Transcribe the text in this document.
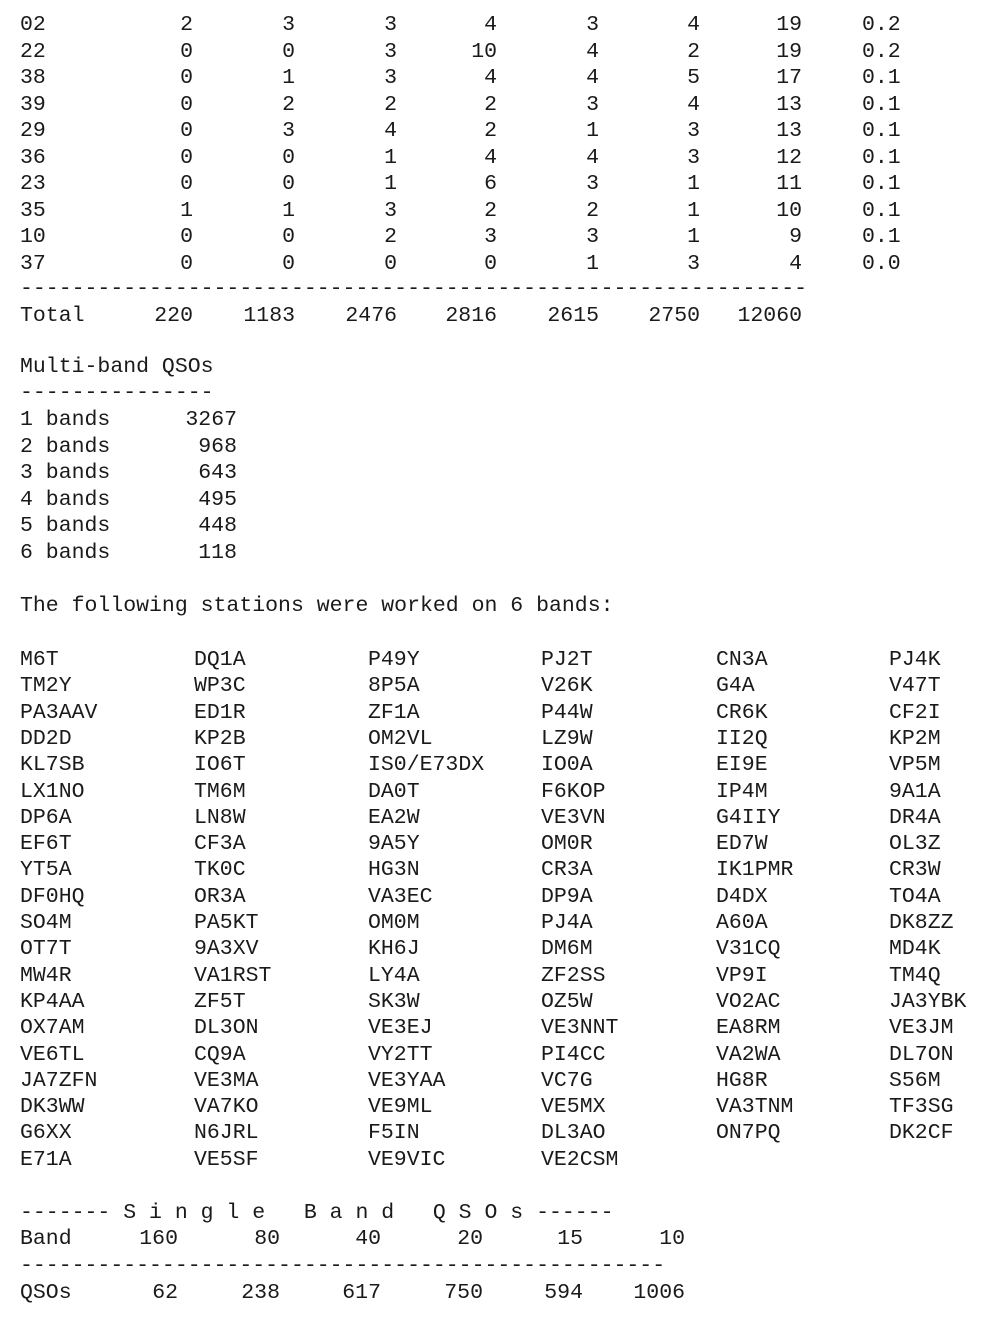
02	2	3	3	4	3	4	19	0.2
22	0	0	3	10	4	2	19	0.2
38	0	1	3	4	4	5	17	0.1
39	0	2	2	2	3	4	13	0.1
29	0	3	4	2	1	3	13	0.1
36	0	0	1	4	4	3	12	0.1
23	0	0	1	6	3	1	11	0.1
35	1	1	3	2	2	1	10	0.1
10	0	0	2	3	3	1	9	0.1
37	0	0	0	0	1	3	4	0.0
-------------------------------------------------------------
Total	220	1183	2476	2816	2615	2750	12060
Multi-band QSOs
---------------
1 bands	3267
2 bands	968
3 bands	643
4 bands	495
5 bands	448
6 bands	118
The following stations were worked on 6 bands:
M6T	DQ1A	P49Y	PJ2T	CN3A	PJ4K
TM2Y	WP3C	8P5A	V26K	G4A	V47T
PA3AAV	ED1R	ZF1A	P44W	CR6K	CF2I
DD2D	KP2B	OM2VL	LZ9W	II2Q	KP2M
KL7SB	IO6T	IS0/E73DX	IO0A	EI9E	VP5M
LX1NO	TM6M	DA0T	F6KOP	IP4M	9A1A
DP6A	LN8W	EA2W	VE3VN	G4IIY	DR4A
EF6T	CF3A	9A5Y	OM0R	ED7W	OL3Z
YT5A	TK0C	HG3N	CR3A	IK1PMR	CR3W
DF0HQ	OR3A	VA3EC	DP9A	D4DX	TO4A
SO4M	PA5KT	OM0M	PJ4A	A60A	DK8ZZ
OT7T	9A3XV	KH6J	DM6M	V31CQ	MD4K
MW4R	VA1RST	LY4A	ZF2SS	VP9I	TM4Q
KP4AA	ZF5T	SK3W	OZ5W	VO2AC	JA3YBK
OX7AM	DL3ON	VE3EJ	VE3NNT	EA8RM	VE3JM
VE6TL	CQ9A	VY2TT	PI4CC	VA2WA	DL7ON
JA7ZFN	VE3MA	VE3YAA	VC7G	HG8R	S56M
DK3WW	VA7KO	VE9ML	VE5MX	VA3TNM	TF3SG
G6XX	N6JRL	F5IN	DL3AO	ON7PQ	DK2CF
E71A	VE5SF	VE9VIC	VE2CSM
------- S i n g l e   B a n d   Q S O s ------
Band	160	80	40	20	15	10
--------------------------------------------------
QSOs	62	238	617	750	594	1006
